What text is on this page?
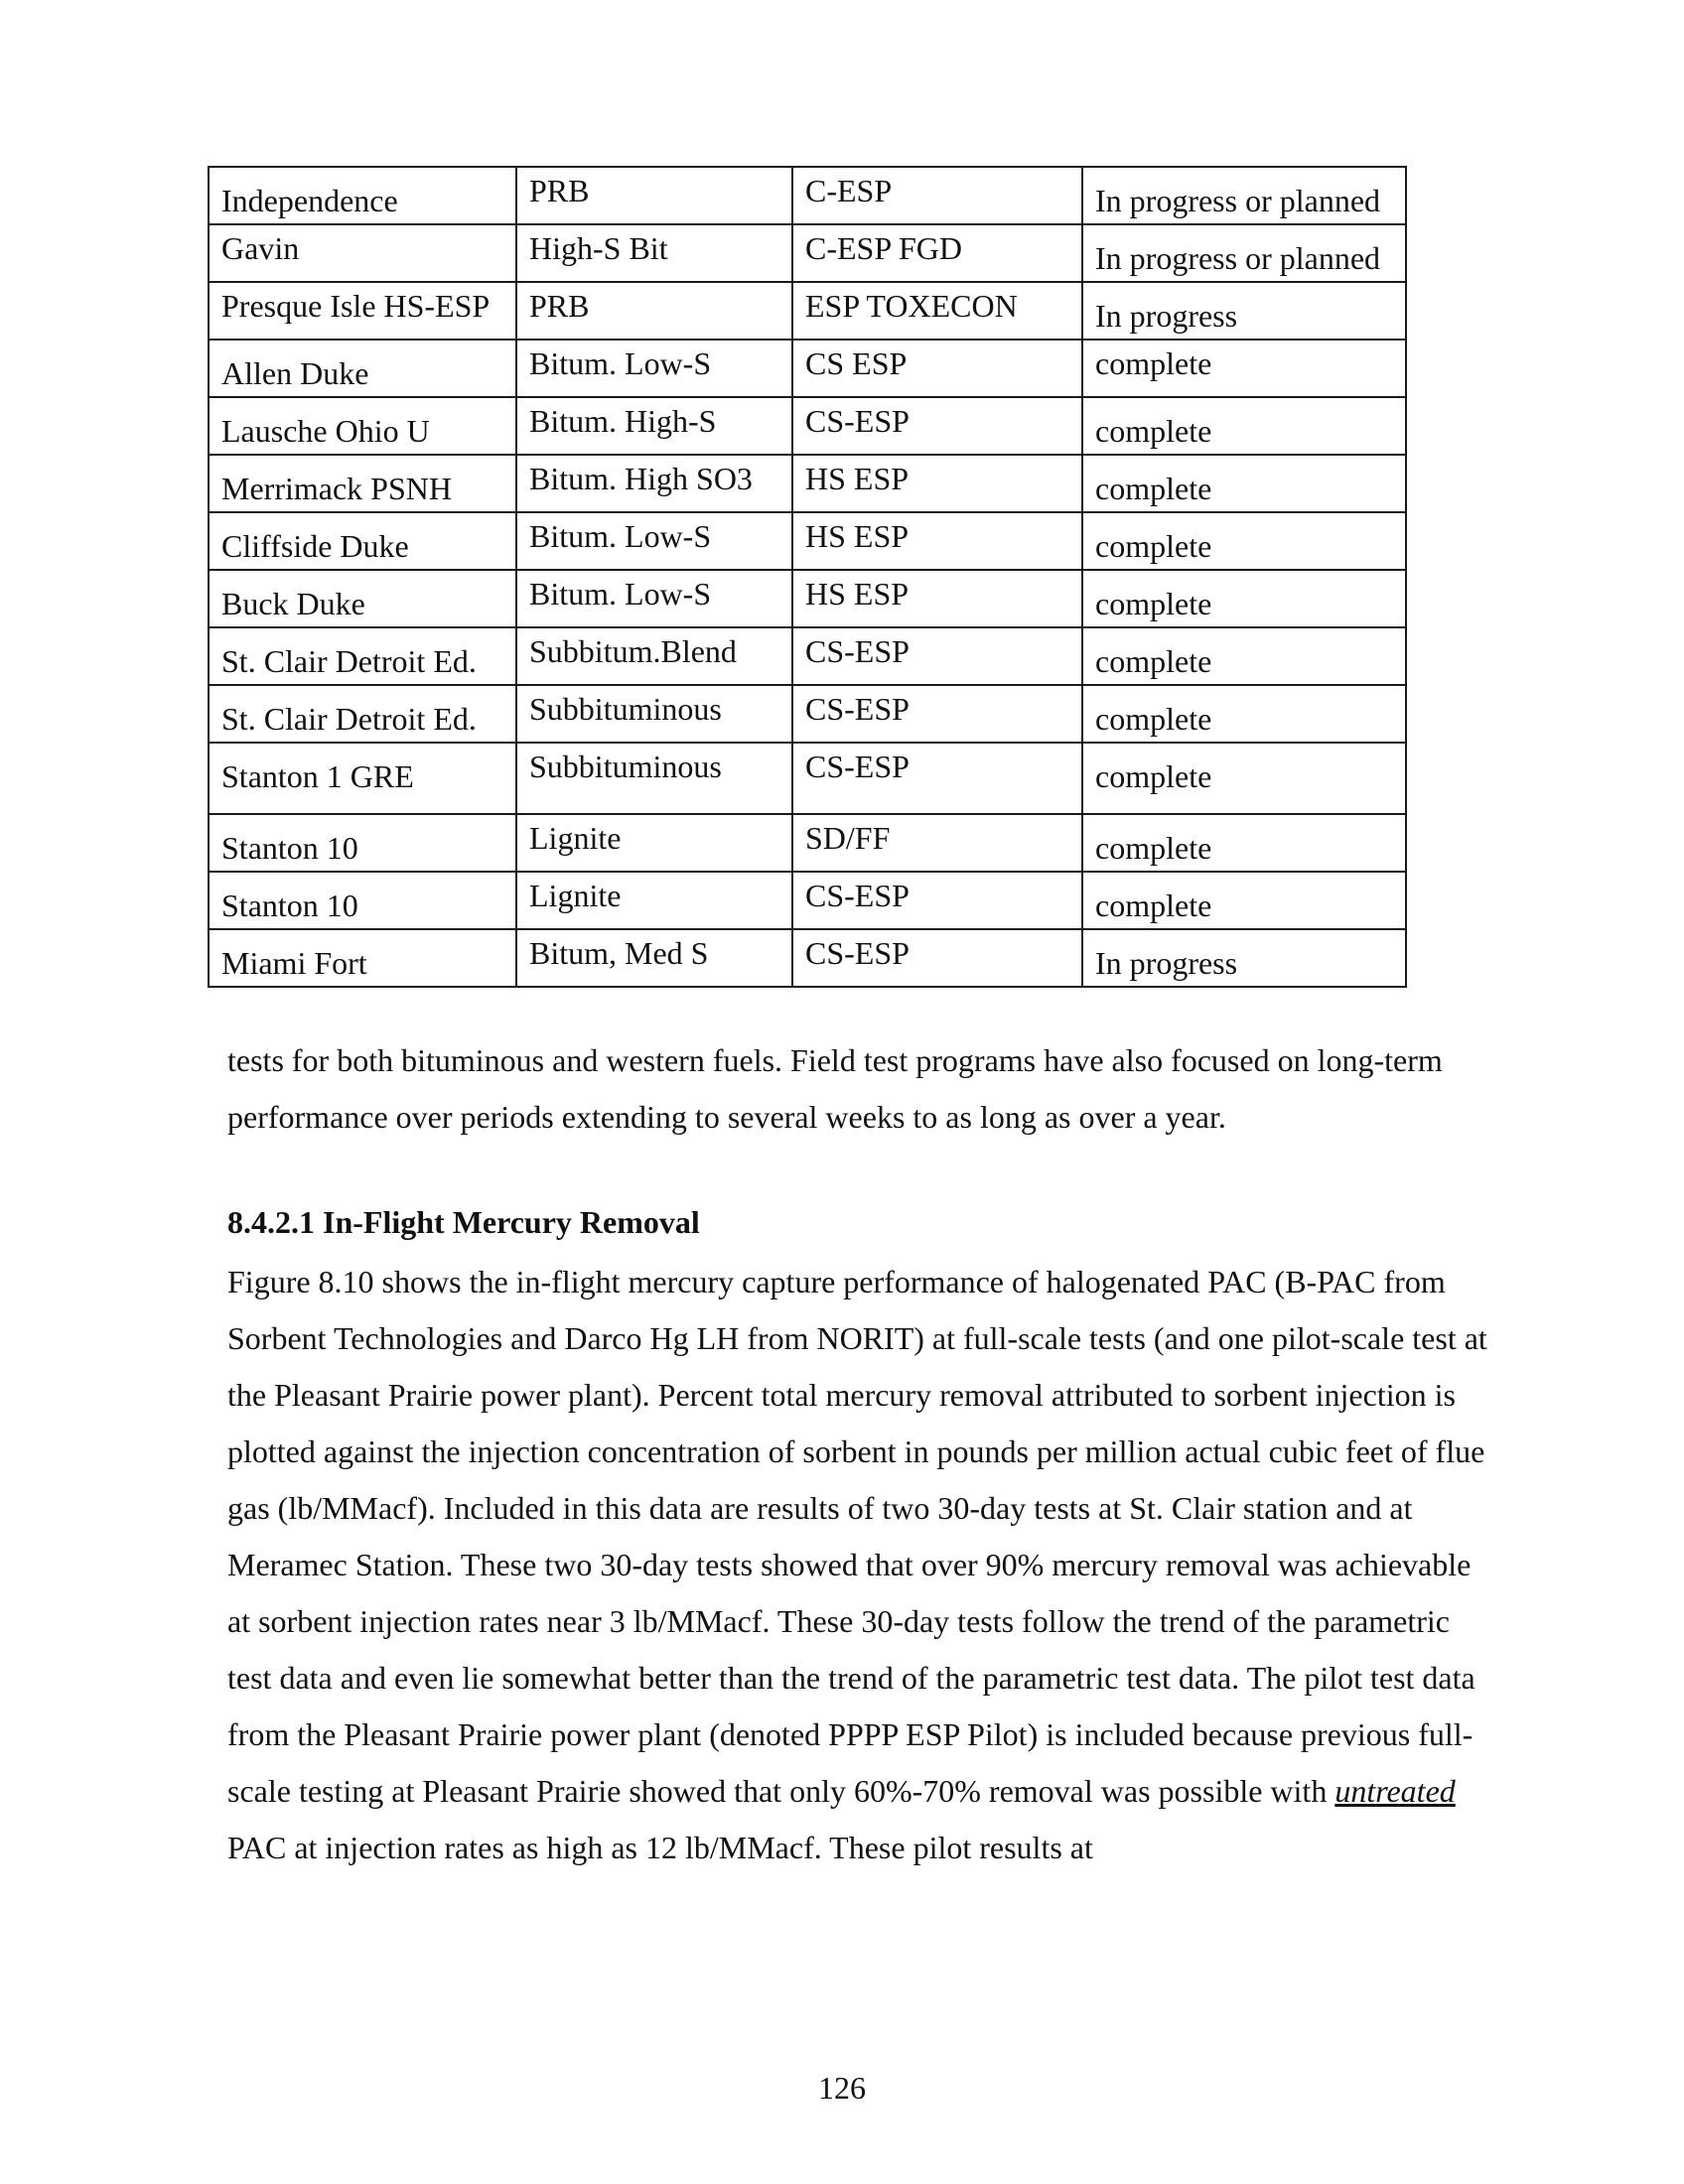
Independence	PRB	C-ESP	In progress or planned
Gavin	High-S Bit	C-ESP FGD	In progress or planned
Presque Isle HS-ESP	PRB	ESP TOXECON	In progress
Allen Duke	Bitum. Low-S	CS ESP	complete
Lausche Ohio U	Bitum. High-S	CS-ESP	complete
Merrimack PSNH	Bitum. High SO3	HS ESP	complete
Cliffside Duke	Bitum. Low-S	HS ESP	complete
Buck Duke	Bitum. Low-S	HS ESP	complete
St. Clair Detroit Ed.	Subbitum.Blend	CS-ESP	complete
St. Clair Detroit Ed.	Subbituminous	CS-ESP	complete
Stanton 1 GRE	Subbituminous	CS-ESP	complete
Stanton 10	Lignite	SD/FF	complete
Stanton 10	Lignite	CS-ESP	complete
Miami Fort	Bitum, Med S	CS-ESP	In progress

tests for both bituminous and western fuels. Field test programs have also focused on long-term performance over periods extending to several weeks to as long as over a year.

8.4.2.1 In-Flight Mercury Removal

Figure 8.10 shows the in-flight mercury capture performance of halogenated PAC (B-PAC from Sorbent Technologies and Darco Hg LH from NORIT) at full-scale tests (and one pilot-scale test at the Pleasant Prairie power plant). Percent total mercury removal attributed to sorbent injection is plotted against the injection concentration of sorbent in pounds per million actual cubic feet of flue gas (lb/MMacf). Included in this data are results of two 30-day tests at St. Clair station and at Meramec Station. These two 30-day tests showed that over 90% mercury removal was achievable at sorbent injection rates near 3 lb/MMacf. These 30-day tests follow the trend of the parametric test data and even lie somewhat better than the trend of the parametric test data. The pilot test data from the Pleasant Prairie power plant (denoted PPPP ESP Pilot) is included because previous full-scale testing at Pleasant Prairie showed that only 60%-70% removal was possible with untreated PAC at injection rates as high as 12 lb/MMacf. These pilot results at

126
